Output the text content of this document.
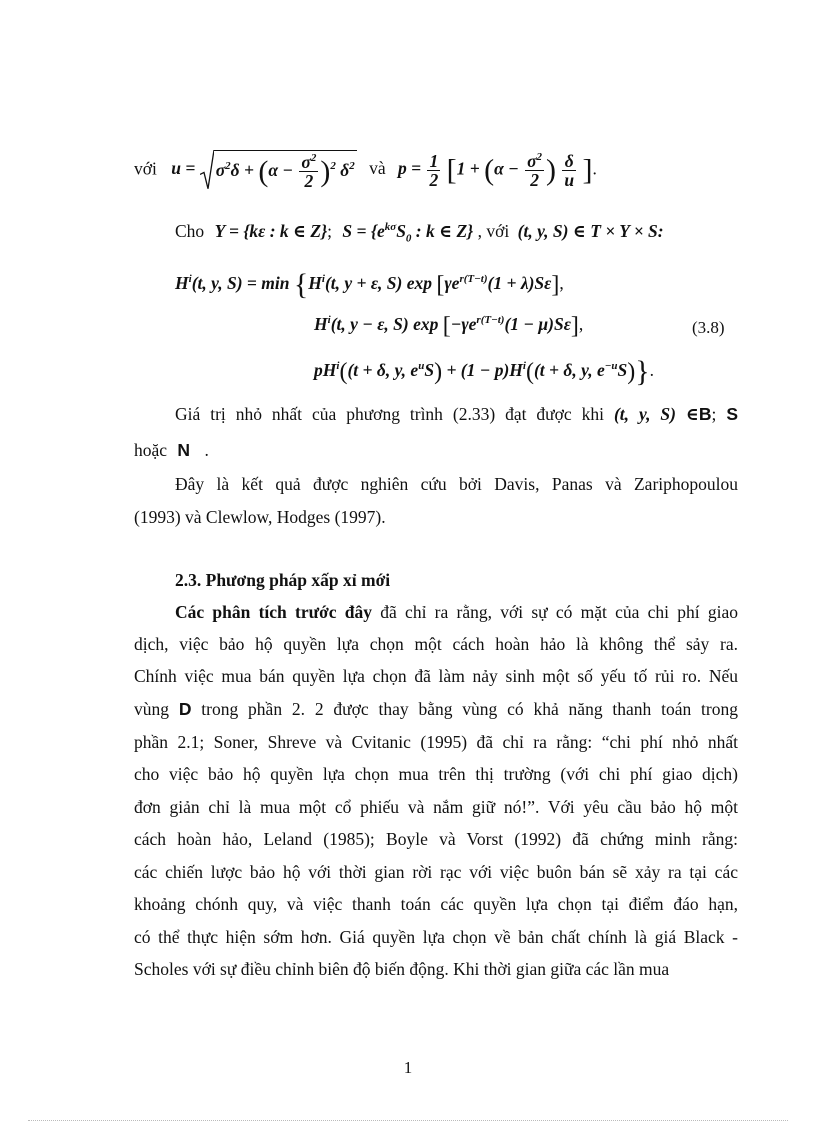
với $u = \sigma^2\delta + (\alpha - \frac{\sigma^2}{2} )^2$ $\delta^2$ và $p = \frac{1}{2} [1 + (\alpha - \frac{\sigma^2}{2}$ ) $\frac{\delta}{u}$ ].
Cho Y = {kε : k ∈ Z}; $S = \{e^{k\sigma}S_0$ : k ∈ Z} , với (t, y, S) ∈ T × Y × S:
$H^i(t$, y, $S) = \min \{H^i(t$, y + ε, S) $\exp [\gamma e^{r(T-t)}(1 + \lambda)S\varepsilon]$,
$H^i(t$, y − ε, S) $\exp [-\gamma e^{r(T-t)}(1 - \mu)S\varepsilon]$,	(3.8)
$pH^i((t + \delta$, y, $e^uS) + (1 - p)H^i((t + \delta$, y, $e^{-u}S$)}.
Giá trị nhỏ nhất của phương trình (2.33) đạt được khi (t, y, S) ∈B; S
hoặc N .
Đây là kết quả được nghiên cứu bởi Davis, Panas và Zariphopoulou
(1993) và Clewlow, Hodges (1997).
2.3. Phương pháp xấp xỉ mới
Các phân tích trước đây đã chỉ ra rằng, với sự có mặt của chi phí giao
dịch, việc bảo hộ quyền lựa chọn một cách hoàn hảo là không thể sảy ra.
Chính việc mua bán quyền lựa chọn đã làm nảy sinh một số yếu tố rủi ro. Nếu
vùng D trong phần 2. 2 được thay bằng vùng có khả năng thanh toán trong
phần 2.1; Soner, Shreve và Cvitanic (1995) đã chỉ ra rằng: “chi phí nhỏ nhất
cho việc bảo hộ quyền lựa chọn mua trên thị trường (với chi phí giao dịch)
đơn giản chỉ là mua một cổ phiếu và nắm giữ nó!”. Với yêu cầu bảo hộ một
cách hoàn hảo, Leland (1985); Boyle và Vorst (1992) đã chứng minh rằng:
các chiến lược bảo hộ với thời gian rời rạc với việc buôn bán sẽ xảy ra tại các
khoảng chónh quy, và việc thanh toán các quyền lựa chọn tại điểm đáo hạn,
có thể thực hiện sớm hơn. Giá quyền lựa chọn về bản chất chính là giá Black -
Scholes với sự điều chỉnh biên độ biến động. Khi thời gian giữa các lần mua
1
